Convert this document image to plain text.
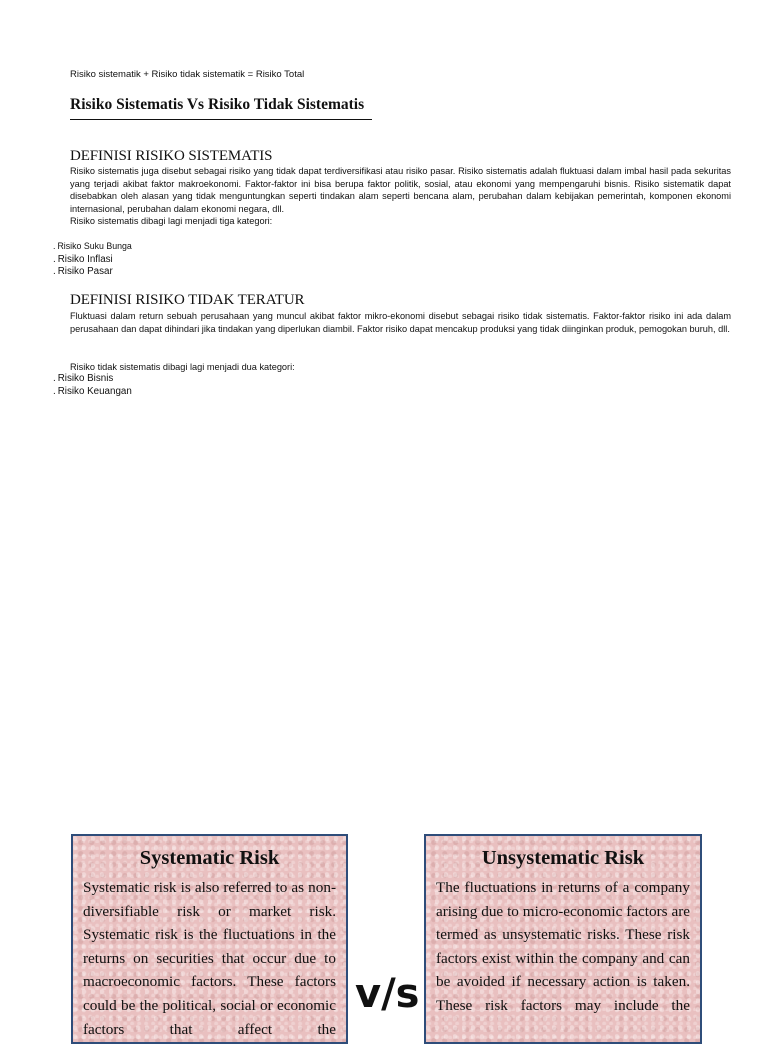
Risiko sistematik + Risiko tidak sistematik = Risiko Total
Risiko Sistematis Vs Risiko Tidak Sistematis
DEFINISI RISIKO SISTEMATIS

Risiko sistematis juga disebut sebagai risiko yang tidak dapat terdiversifikasi atau risiko pasar. Risiko sistematis adalah fluktuasi dalam imbal hasil pada sekuritas yang terjadi akibat faktor makroekonomi. Faktor-faktor ini bisa berupa faktor politik, sosial, atau ekonomi yang mempengaruhi bisnis. Risiko sistematik dapat disebabkan oleh alasan yang tidak menguntungkan seperti tindakan alam seperti bencana alam, perubahan dalam kebijakan pemerintah, komponen ekonomi internasional, perubahan dalam ekonomi negara, dll.

Risiko sistematis dibagi lagi menjadi tiga kategori:
. Risiko Suku Bunga
. Risiko Inflasi
. Risiko Pasar
DEFINISI RISIKO TIDAK TERATUR

Fluktuasi dalam return sebuah perusahaan yang muncul akibat faktor mikro-ekonomi disebut sebagai risiko tidak sistematis. Faktor-faktor risiko ini ada dalam perusahaan dan dapat dihindari jika tindakan yang diperlukan diambil. Faktor risiko dapat mencakup produksi yang tidak diinginkan produk, pemogokan buruh, dll.

Risiko tidak sistematis dibagi lagi menjadi dua kategori:
. Risiko Bisnis
. Risiko Keuangan
Systematic Risk

Systematic risk is also referred to as non-diversifiable risk or market risk. Systematic risk is the fluctuations in the returns on securities that occur due to macroeconomic factors. These factors could be the political, social or economic factors that affect the

v/s
Unsystematic Risk

The fluctuations in returns of a company arising due to micro-economic factors are termed as unsystematic risks. These risk factors exist within the company and can be avoided if necessary action is taken. These risk factors may include the
